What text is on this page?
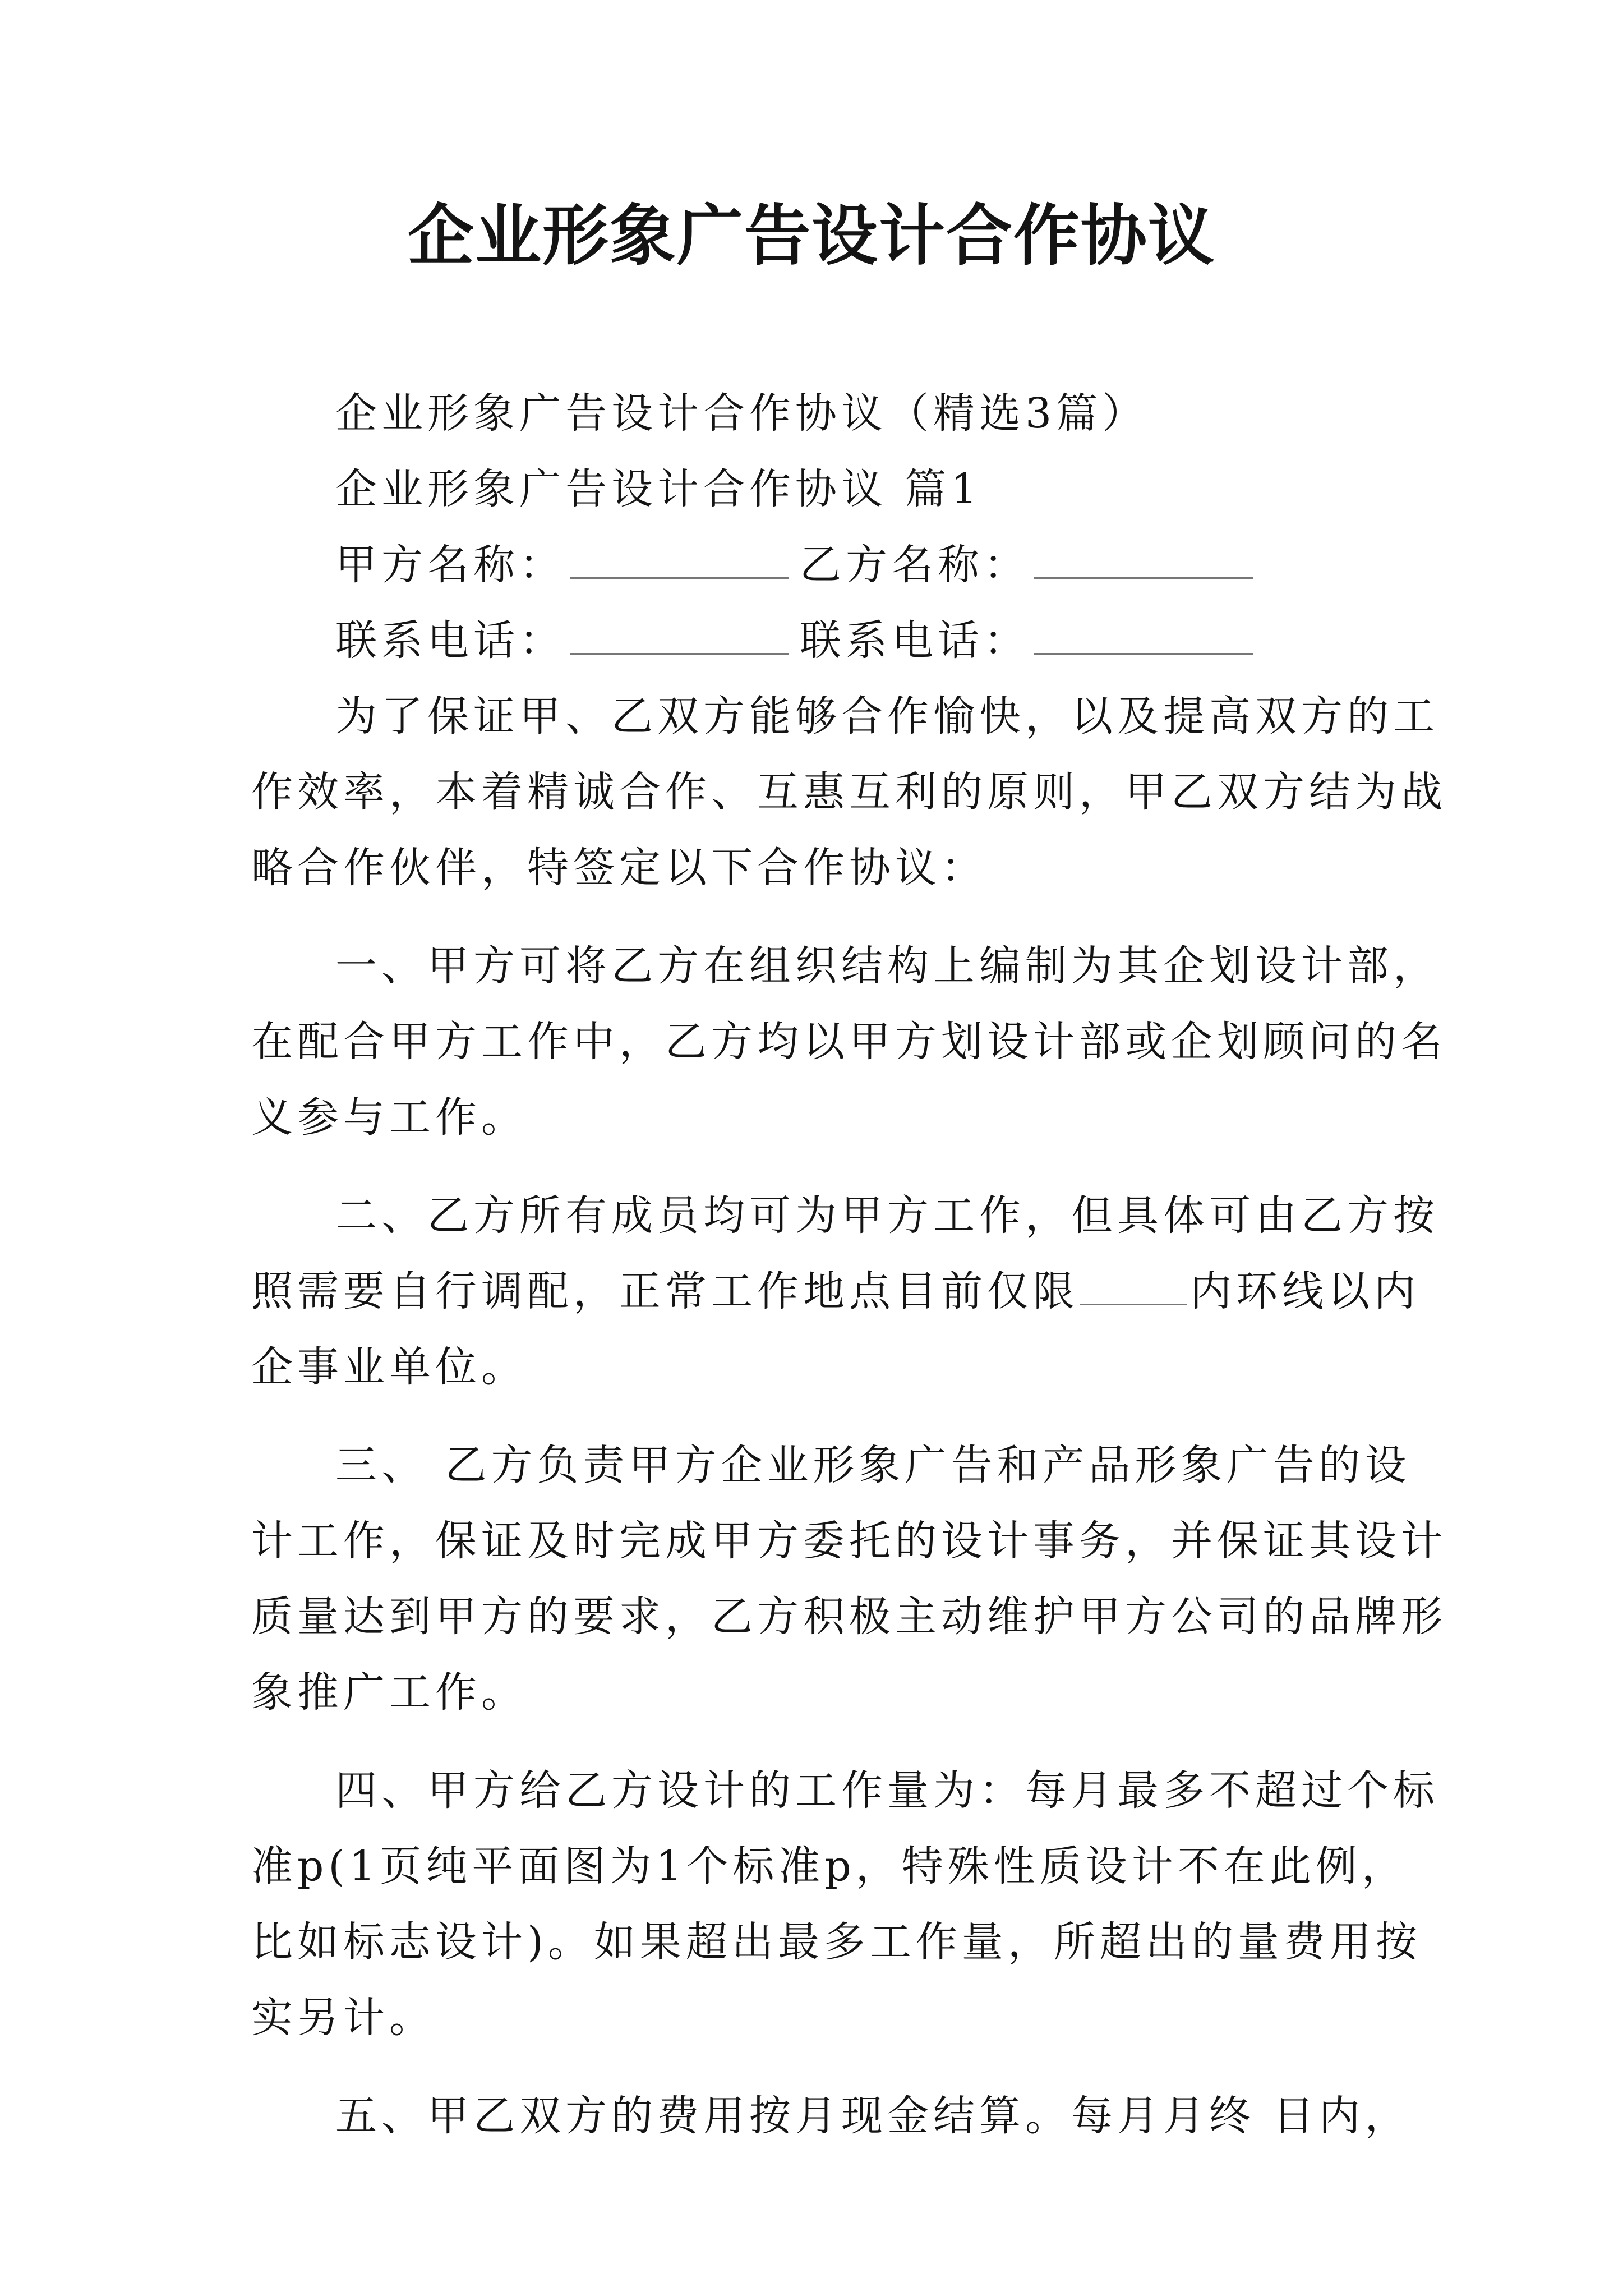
企业形象广告设计合作协议
企业形象广告设计合作协议（精选3篇）
企业形象广告设计合作协议 篇1
甲方名称：	乙方名称：
联系电话：	联系电话：
为了保证甲、乙双方能够合作愉快，以及提高双方的工
作效率，本着精诚合作、互惠互利的原则，甲乙双方结为战
略合作伙伴，特签定以下合作协议：
一、甲方可将乙方在组织结构上编制为其企划设计部，
在配合甲方工作中，乙方均以甲方划设计部或企划顾问的名
义参与工作。
二、乙方所有成员均可为甲方工作，但具体可由乙方按
照需要自行调配，正常工作地点目前仅限	内环线以内
企事业单位。
三、 乙方负责甲方企业形象广告和产品形象广告的设
计工作，保证及时完成甲方委托的设计事务，并保证其设计
质量达到甲方的要求，乙方积极主动维护甲方公司的品牌形
象推广工作。
四、甲方给乙方设计的工作量为：每月最多不超过个标
准p(1页纯平面图为1个标准p，特殊性质设计不在此例，
比如标志设计)。如果超出最多工作量，所超出的量费用按
实另计。
五、甲乙双方的费用按月现金结算。每月月终 日内，
